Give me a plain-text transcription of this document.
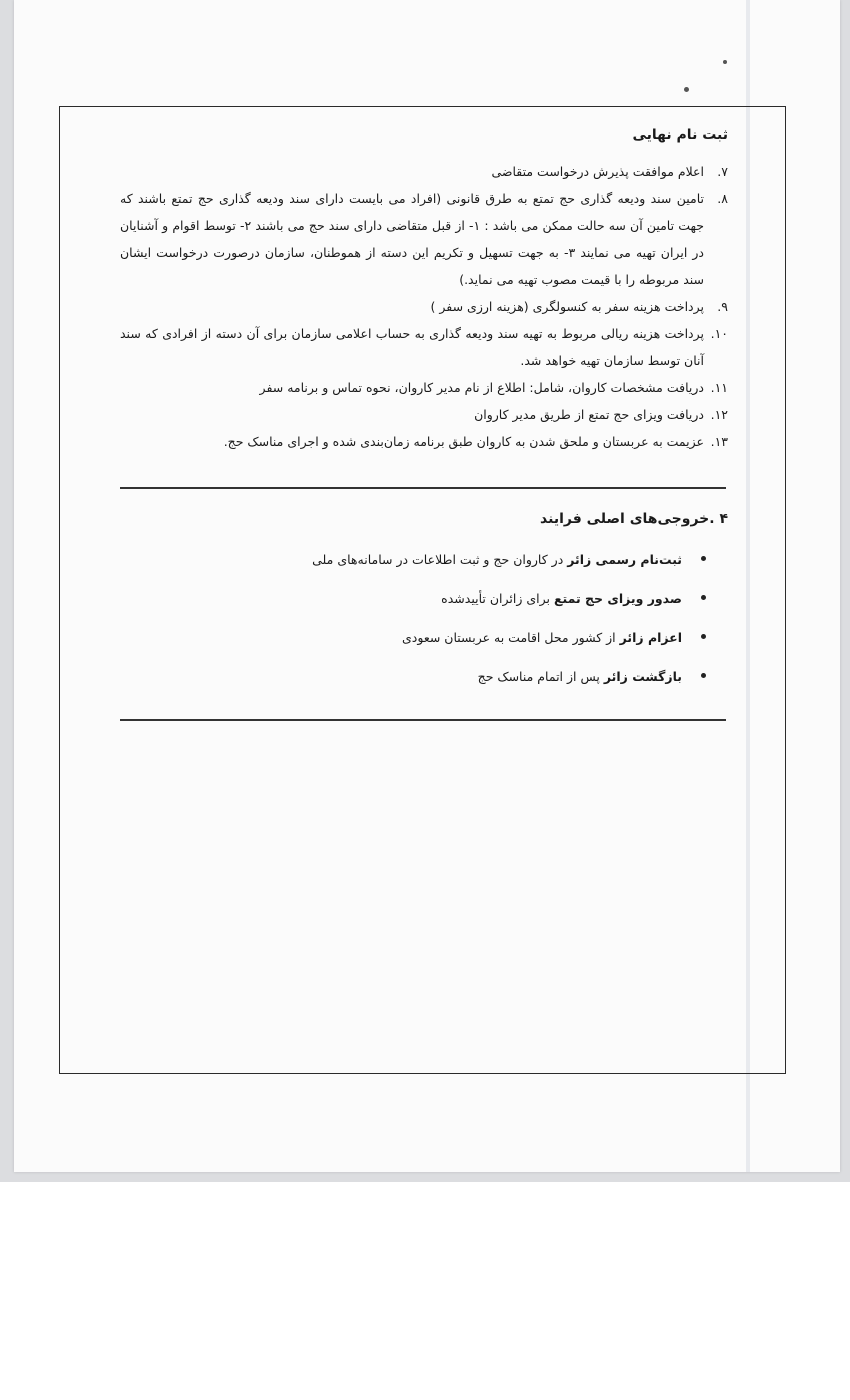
ثبت نام نهایی
۷.
اعلام موافقت پذیرش درخواست متقاضی
۸.
تامین سند ودیعه گذاری حج تمتع به طرق قانونی (افراد می بایست دارای سند ودیعه گذاری حج تمتع باشند که جهت تامین آن سه حالت ممکن می باشد : ۱- از قبل متقاضی دارای سند حج می باشند ۲- توسط اقوام و آشنایان در ایران تهیه می نمایند ۳- به جهت تسهیل و تکریم این دسته از هموطنان، سازمان درصورت درخواست ایشان سند مربوطه را با قیمت مصوب تهیه می نماید.)
۹.
پرداخت هزینه سفر به کنسولگری (هزینه ارزی سفر )
۱۰.
پرداخت هزینه ریالی مربوط به تهیه سند ودیعه گذاری به حساب اعلامی سازمان برای آن دسته از افرادی که سند آنان توسط سازمان تهیه خواهد شد.
۱۱.
دریافت مشخصات کاروان، شامل: اطلاع از نام مدیر کاروان، نحوه تماس و برنامه سفر
۱۲.
دریافت ویزای حج تمتع از طریق مدیر کاروان
۱۳.
عزیمت به عربستان و ملحق شدن به کاروان طبق برنامه زمان‌بندی شده و اجرای مناسک حج.
۴ .خروجی‌های اصلی فرایند
ثبت‌نام رسمی زائر در کاروان حج و ثبت اطلاعات در سامانه‌های ملی
صدور ویزای حج تمتع برای زائران تأییدشده
اعزام زائر از کشور محل اقامت به عربستان سعودی
بازگشت زائر پس از اتمام مناسک حج
